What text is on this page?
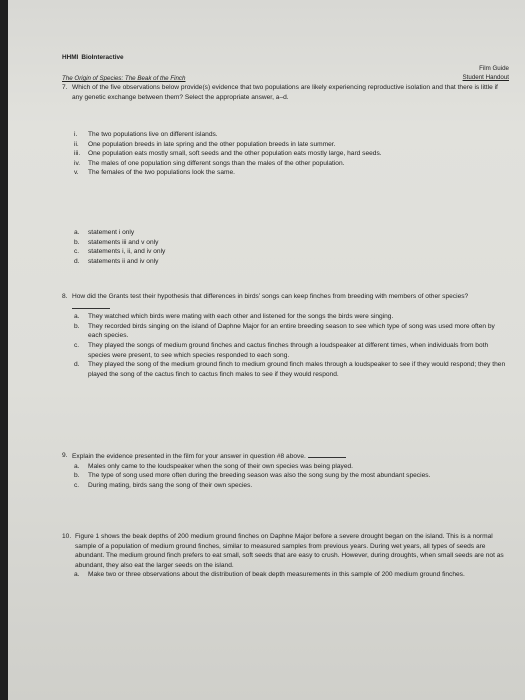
HHMI BioInteractive
The Origin of Species: The Beak of the Finch
Film Guide
Student Handout
7. Which of the five observations below provide(s) evidence that two populations are likely experiencing reproductive isolation and that there is little if any genetic exchange between them? Select the appropriate answer, a–d.
i.	The two populations live on different islands.
ii.	One population breeds in late spring and the other population breeds in late summer.
iii.	One population eats mostly small, soft seeds and the other population eats mostly large, hard seeds.
iv.	The males of one population sing different songs than the males of the other population.
v.	The females of the two populations look the same.
a.	statement i only
b.	statements iii and v only
c.	statements i, ii, and iv only
d.	statements ii and iv only
8. How did the Grants test their hypothesis that differences in birds’ songs can keep finches from breeding with members of other species?
a.	They watched which birds were mating with each other and listened for the songs the birds were singing.
b.	They recorded birds singing on the island of Daphne Major for an entire breeding season to see which type of song was used more often by each species.
c.	They played the songs of medium ground finches and cactus finches through a loudspeaker at different times, when individuals from both species were present, to see which species responded to each song.
d.	They played the song of the medium ground finch to medium ground finch males through a loudspeaker to see if they would respond; they then played the song of the cactus finch to cactus finch males to see if they would respond.
9. Explain the evidence presented in the film for your answer in question #8 above.
a.	Males only came to the loudspeaker when the song of their own species was being played.
b.	The type of song used more often during the breeding season was also the song sung by the most abundant species.
c.	During mating, birds sang the song of their own species.
10. Figure 1 shows the beak depths of 200 medium ground finches on Daphne Major before a severe drought began on the island. This is a normal sample of a population of medium ground finches, similar to measured samples from previous years. During wet years, all types of seeds are abundant. The medium ground finch prefers to eat small, soft seeds that are easy to crush. However, during droughts, when small seeds are not as abundant, they also eat the larger seeds on the island.
a.	Make two or three observations about the distribution of beak depth measurements in this sample of 200 medium ground finches.
